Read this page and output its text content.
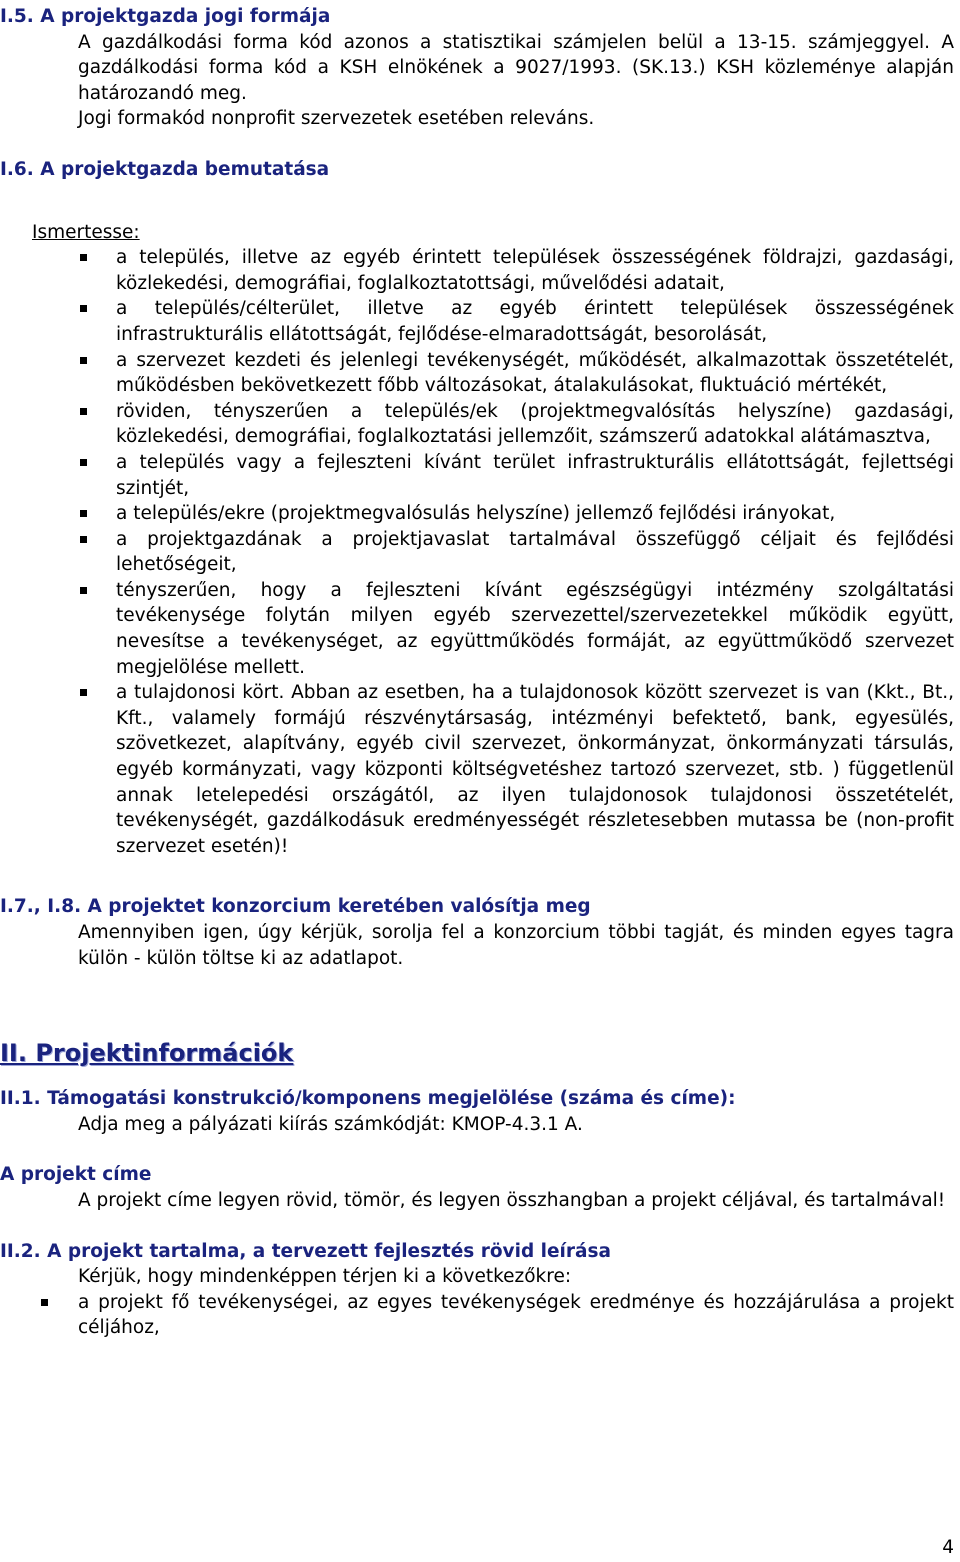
I.5. A projektgazda jogi formája

A gazdálkodási forma kód azonos a statisztikai számjelen belül a 13-15. számjeggyel. A gazdálkodási forma kód a KSH elnökének a 9027/1993. (SK.13.) KSH közleménye alapján határozandó meg.

Jogi formakód nonprofit szervezetek esetében releváns.

I.6. A projektgazda bemutatása

Ismertesse:

a település, illetve az egyéb érintett települések összességének földrajzi, gazdasági, közlekedési, demográfiai, foglalkoztatottsági, művelődési adatait,
a település/célterület, illetve az egyéb érintett települések összességének infrastrukturális ellátottságát, fejlődése-elmaradottságát, besorolását,
a szervezet kezdeti és jelenlegi tevékenységét, működését, alkalmazottak összetételét, működésben bekövetkezett főbb változásokat, átalakulásokat, fluktuáció mértékét,
röviden, tényszerűen a település/ek (projektmegvalósítás helyszíne) gazdasági, közlekedési, demográfiai, foglalkoztatási jellemzőit, számszerű adatokkal alátámasztva,
a település vagy a fejleszteni kívánt terület infrastrukturális ellátottságát, fejlettségi szintjét,
a település/ekre (projektmegvalósulás helyszíne) jellemző fejlődési irányokat,
a projektgazdának a projektjavaslat tartalmával összefüggő céljait és fejlődési lehetőségeit,
tényszerűen, hogy a fejleszteni kívánt egészségügyi intézmény szolgáltatási tevékenysége folytán milyen egyéb szervezettel/szervezetekkel működik együtt, nevesítse a tevékenységet, az együttműködés formáját, az együttműködő szervezet megjelölése mellett.
a tulajdonosi kört. Abban az esetben, ha a tulajdonosok között szervezet is van (Kkt., Bt., Kft., valamely formájú részvénytársaság, intézményi befektető, bank, egyesülés, szövetkezet, alapítvány, egyéb civil szervezet, önkormányzat, önkormányzati társulás, egyéb kormányzati, vagy központi költségvetéshez tartozó szervezet, stb. ) függetlenül annak letelepedési országától, az ilyen tulajdonosok tulajdonosi összetételét, tevékenységét, gazdálkodásuk eredményességét részletesebben mutassa be (non-profit szervezet esetén)!

I.7., I.8. A projektet konzorcium keretében valósítja meg

Amennyiben igen, úgy kérjük, sorolja fel a konzorcium többi tagját, és minden egyes tagra külön - külön töltse ki az adatlapot.

II. Projektinformációk

II.1. Támogatási konstrukció/komponens megjelölése (száma és címe):

Adja meg a pályázati kiírás számkódját: KMOP-4.3.1 A.

A projekt címe

A projekt címe legyen rövid, tömör, és legyen összhangban a projekt céljával, és tartalmával!

II.2. A projekt tartalma, a tervezett fejlesztés rövid leírása

Kérjük, hogy mindenképpen térjen ki a következőkre:

a projekt fő tevékenységei, az egyes tevékenységek eredménye és hozzájárulása a projekt céljához,
4
